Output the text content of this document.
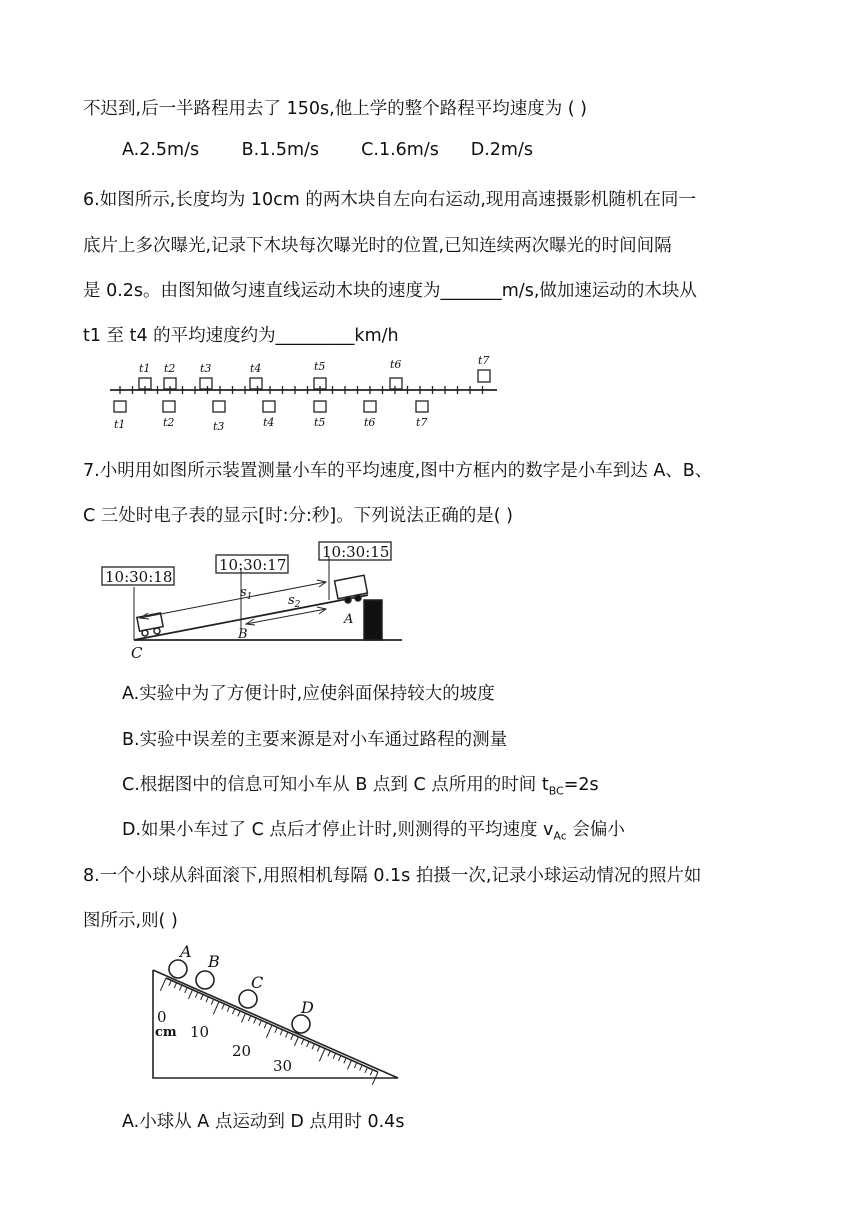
不迟到,后一半路程用去了 150s,他上学的整个路程平均速度为 ( )
A.2.5m/s B.1.5m/s C.1.6m/s D.2m/s
6.如图所示,长度均为 10cm 的两木块自左向右运动,现用高速摄影机随机在同一
底片上多次曝光,记录下木块每次曝光时的位置,已知连续两次曝光的时间间隔
是 0.2s。由图知做匀速直线运动木块的速度为_______m/s,做加速运动的木块从
t1 至 t4 的平均速度约为_________km/h
t1 t2 t3	t4	t5	t6	t7
t1	t2	t3	t4	t5	t6	t7
7.小明用如图所示装置测量小车的平均速度,图中方框内的数字是小车到达 A、B、
C 三处时电子表的显示[时:分:秒]。下列说法正确的是( )
10:30:18
10:30:17
10:30:15
$s_1$	$s_2$
A
B
C
A.实验中为了方便计时,应使斜面保持较大的坡度
B.实验中误差的主要来源是对小车通过路程的测量
C.根据图中的信息可知小车从 B 点到 C 点所用的时间 $t_{BC}=2s$
D.如果小车过了 C 点后才停止计时,则测得的平均速度 $v_{Ac}$ 会偏小
8.一个小球从斜面滚下,用照相机每隔 0.1s 拍摄一次,记录小球运动情况的照片如
图所示,则( )
A
B
C
D
0
cm 10
20
30
A.小球从 A 点运动到 D 点用时 0.4s
